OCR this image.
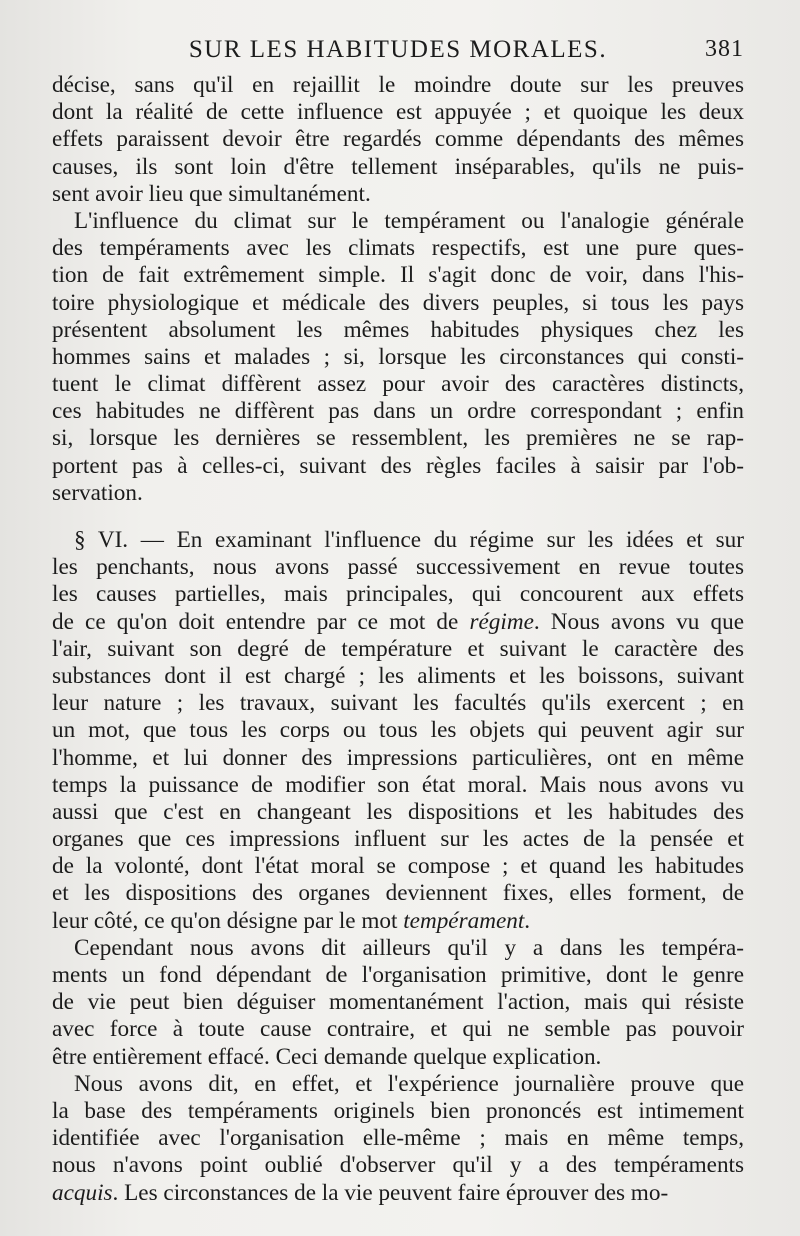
SUR LES HABITUDES MORALES.	381
décise, sans qu'il en rejaillit le moindre doute sur les preuves
dont la réalité de cette influence est appuyée ; et quoique les deux
effets paraissent devoir être regardés comme dépendants des mêmes
causes, ils sont loin d'être tellement inséparables, qu'ils ne puis-
sent avoir lieu que simultanément.
L'influence du climat sur le tempérament ou l'analogie générale
des tempéraments avec les climats respectifs, est une pure ques-
tion de fait extrêmement simple. Il s'agit donc de voir, dans l'his-
toire physiologique et médicale des divers peuples, si tous les pays
présentent absolument les mêmes habitudes physiques chez les
hommes sains et malades ; si, lorsque les circonstances qui consti-
tuent le climat diffèrent assez pour avoir des caractères distincts,
ces habitudes ne diffèrent pas dans un ordre correspondant ; enfin
si, lorsque les dernières se ressemblent, les premières ne se rap-
portent pas à celles-ci, suivant des règles faciles à saisir par l'ob-
servation.
§ VI. — En examinant l'influence du régime sur les idées et sur
les penchants, nous avons passé successivement en revue toutes
les causes partielles, mais principales, qui concourent aux effets
de ce qu'on doit entendre par ce mot de régime. Nous avons vu que
l'air, suivant son degré de température et suivant le caractère des
substances dont il est chargé ; les aliments et les boissons, suivant
leur nature ; les travaux, suivant les facultés qu'ils exercent ; en
un mot, que tous les corps ou tous les objets qui peuvent agir sur
l'homme, et lui donner des impressions particulières, ont en même
temps la puissance de modifier son état moral. Mais nous avons vu
aussi que c'est en changeant les dispositions et les habitudes des
organes que ces impressions influent sur les actes de la pensée et
de la volonté, dont l'état moral se compose ; et quand les habitudes
et les dispositions des organes deviennent fixes, elles forment, de
leur côté, ce qu'on désigne par le mot tempérament.
Cependant nous avons dit ailleurs qu'il y a dans les tempéra-
ments un fond dépendant de l'organisation primitive, dont le genre
de vie peut bien déguiser momentanément l'action, mais qui résiste
avec force à toute cause contraire, et qui ne semble pas pouvoir
être entièrement effacé. Ceci demande quelque explication.
Nous avons dit, en effet, et l'expérience journalière prouve que
la base des tempéraments originels bien prononcés est intimement
identifiée avec l'organisation elle-même ; mais en même temps,
nous n'avons point oublié d'observer qu'il y a des tempéraments
acquis. Les circonstances de la vie peuvent faire éprouver des mo-
